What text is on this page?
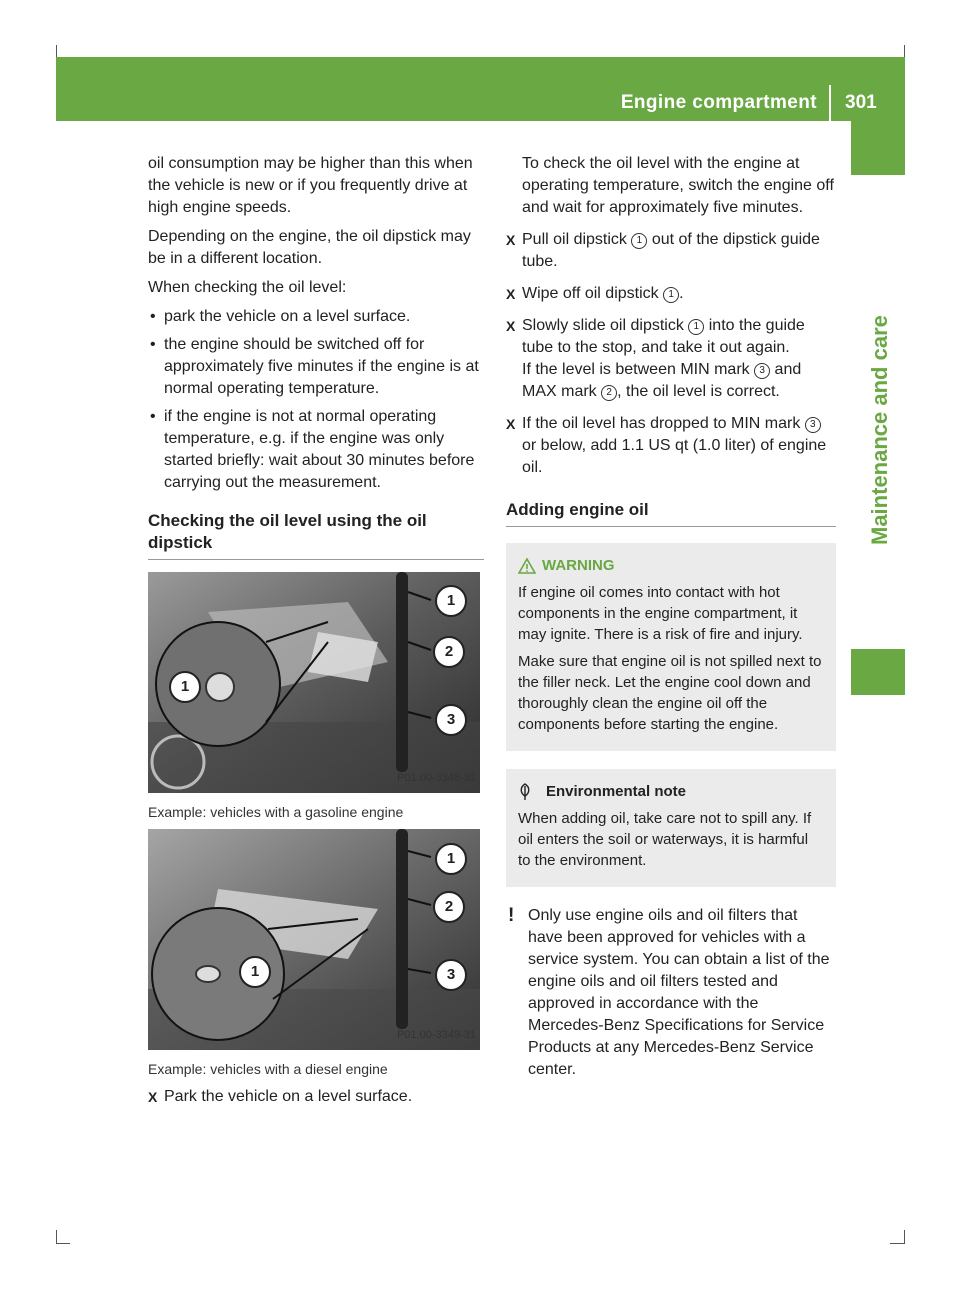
Engine compartment 301
Maintenance and care

oil consumption may be higher than this when the vehicle is new or if you frequently drive at high engine speeds.

Depending on the engine, the oil dipstick may be in a different location.

When checking the oil level:

• park the vehicle on a level surface.
• the engine should be switched off for approximately five minutes if the engine is at normal operating temperature.
• if the engine is not at normal operating temperature, e.g. if the engine was only started briefly: wait about 30 minutes before carrying out the measurement.
Checking the oil level using the oil dipstick
1
1
2
3
P01.00-3348-31
Example: vehicles with a gasoline engine
1
1
2
3
P01.00-3349-31
Example: vehicles with a diesel engine
X Park the vehicle on a level surface.
To check the oil level with the engine at operating temperature, switch the engine off and wait for approximately five minutes.
X Pull oil dipstick 1 out of the dipstick guide tube.
X Wipe off oil dipstick 1 .
X Slowly slide oil dipstick 1 into the guide tube to the stop, and take it out again.
If the level is between MIN mark 3 and MAX mark 2 , the oil level is correct.
X If the oil level has dropped to MIN mark 3 or below, add 1.1 US qt (1.0 liter) of engine oil.
Adding engine oil
WARNING

If engine oil comes into contact with hot components in the engine compartment, it may ignite. There is a risk of fire and injury.

Make sure that engine oil is not spilled next to the filler neck. Let the engine cool down and thoroughly clean the engine oil off the components before starting the engine.

Environmental note

When adding oil, take care not to spill any. If oil enters the soil or waterways, it is harmful to the environment.

! Only use engine oils and oil filters that have been approved for vehicles with a service system. You can obtain a list of the engine oils and oil filters tested and approved in accordance with the Mercedes-Benz Specifications for Service Products at any Mercedes-Benz Service center.
